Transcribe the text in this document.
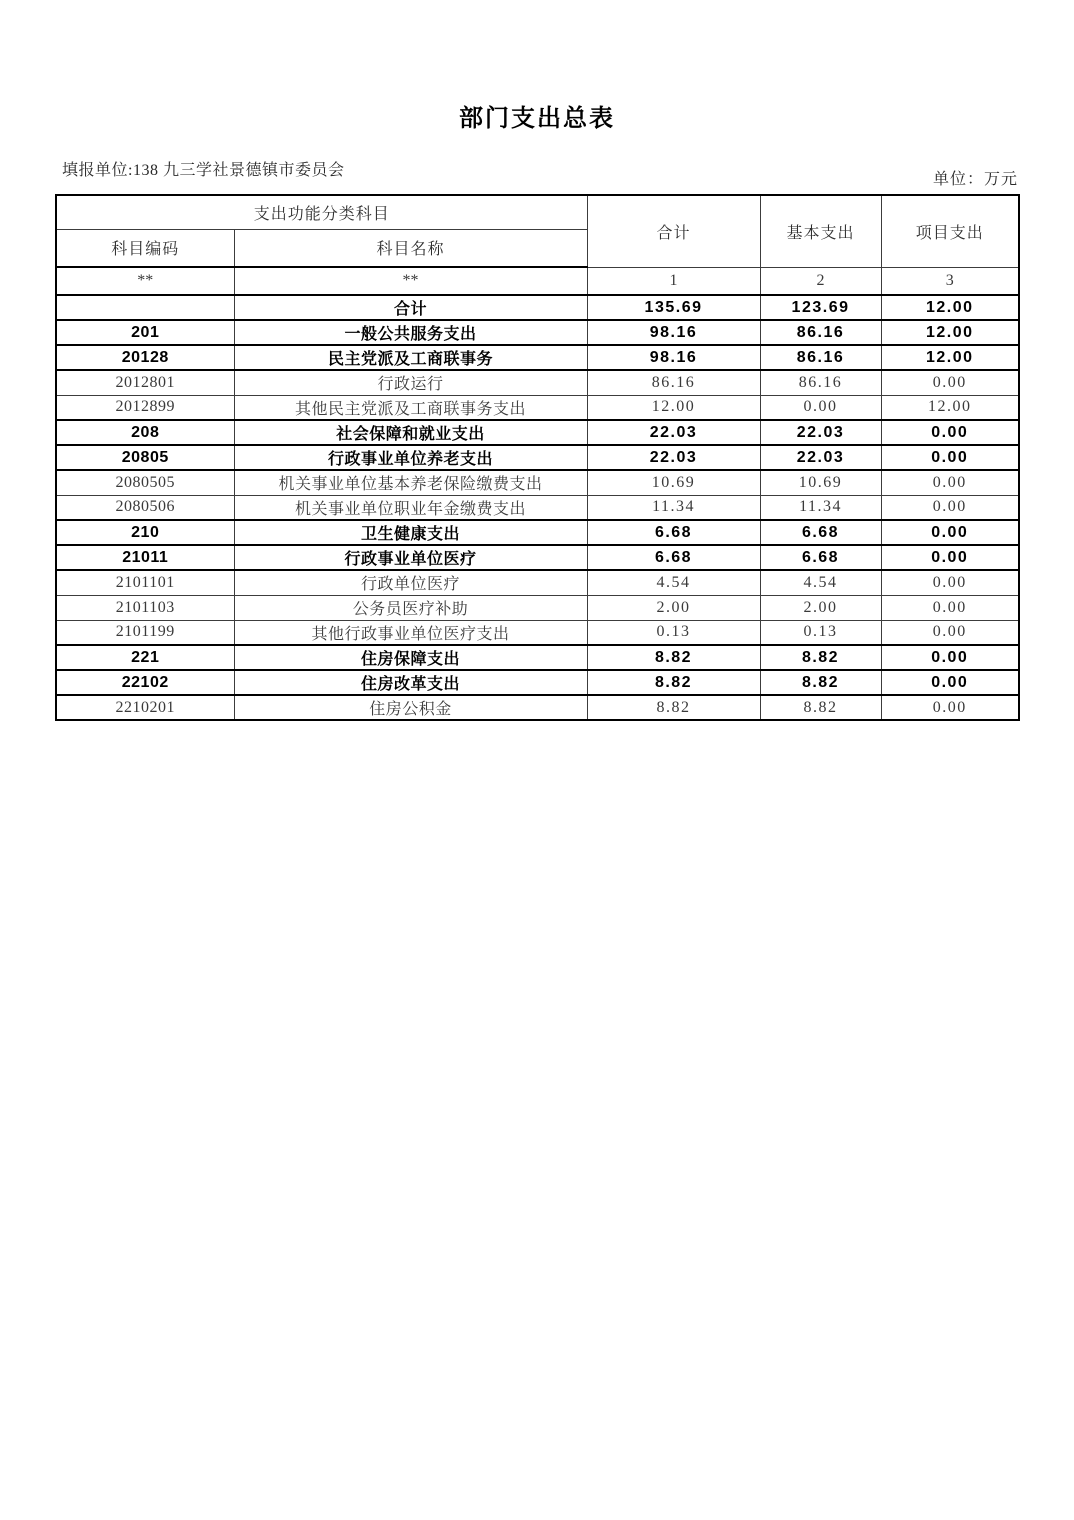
部门支出总表
填报单位:138 九三学社景德镇市委员会
单位：万元
支出功能分类科目		合计	基本支出	项目支出
科目编码	科目名称			
**	**	1	2	3
	合计	135.69	123.69	12.00
201	一般公共服务支出	98.16	86.16	12.00
20128	民主党派及工商联事务	98.16	86.16	12.00
2012801	行政运行	86.16	86.16	0.00
2012899	其他民主党派及工商联事务支出	12.00	0.00	12.00
208	社会保障和就业支出	22.03	22.03	0.00
20805	行政事业单位养老支出	22.03	22.03	0.00
2080505	机关事业单位基本养老保险缴费支出	10.69	10.69	0.00
2080506	机关事业单位职业年金缴费支出	11.34	11.34	0.00
210	卫生健康支出	6.68	6.68	0.00
21011	行政事业单位医疗	6.68	6.68	0.00
2101101	行政单位医疗	4.54	4.54	0.00
2101103	公务员医疗补助	2.00	2.00	0.00
2101199	其他行政事业单位医疗支出	0.13	0.13	0.00
221	住房保障支出	8.82	8.82	0.00
22102	住房改革支出	8.82	8.82	0.00
2210201	住房公积金	8.82	8.82	0.00
